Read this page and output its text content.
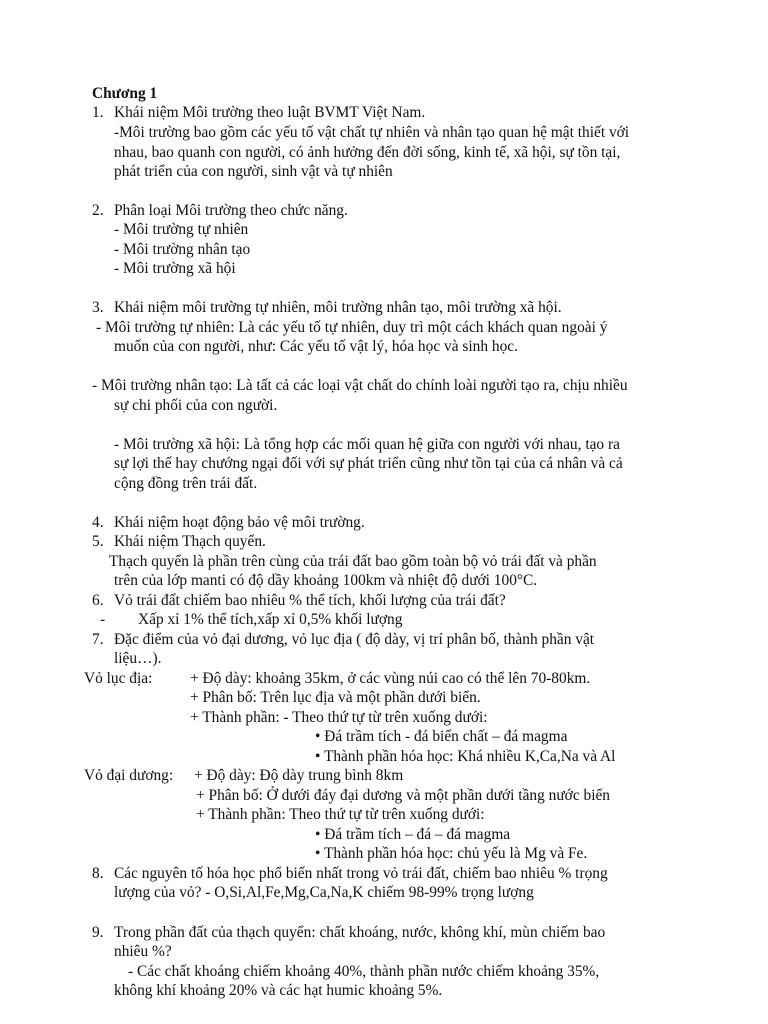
Chương 1
1. Khái niệm Môi trường theo luật BVMT Việt Nam.
-Môi trường bao gồm các yếu tố vật chất tự nhiên và nhân tạo quan hệ mật thiết với
nhau, bao quanh con người, có ảnh hưởng đến đời sống, kinh tế, xã hội, sự tồn tại,
phát triển của con người, sinh vật và tự nhiên
2. Phân loại Môi trường theo chức năng.
- Môi trường tự nhiên
- Môi trường nhân tạo
- Môi trường xã hội
3. Khái niệm môi trường tự nhiên, môi trường nhân tạo, môi trường xã hội.
- Môi trường tự nhiên: Là các yếu tố tự nhiên, duy trì một cách khách quan ngoài ý
muốn của con người, như: Các yếu tố vật lý, hóa học và sinh học.
- Môi trường nhân tạo: Là tất cả các loại vật chất do chính loài người tạo ra, chịu nhiều
sự chi phối của con người.
- Môi trường xã hội: Là tổng hợp các mối quan hệ giữa con người với nhau, tạo ra
sự lợi thế hay chướng ngại đối với sự phát triển cũng như tồn tại của cá nhân và cả
cộng đồng trên trái đất.
4. Khái niệm hoạt động bảo vệ môi trường.
5. Khái niệm Thạch quyển.
Thạch quyển là phần trên cùng của trái đất bao gồm toàn bộ vỏ trái đất và phần
trên của lớp manti có độ dầy khoảng 100km và nhiệt độ dưới 100°C.
6. Vỏ trái đất chiếm bao nhiêu % thể tích, khối lượng của trái đất?
- Xấp xỉ 1% thể tích,xấp xỉ 0,5% khối lượng
7. Đặc điểm của vỏ đại dương, vỏ lục địa ( độ dày, vị trí phân bố, thành phần vật
liệu…).
Vỏ lục địa: + Độ dày: khoảng 35km, ở các vùng núi cao có thể lên 70-80km.
+ Phân bố: Trên lục địa và một phần dưới biển.
+ Thành phần: - Theo thứ tự từ trên xuống dưới:
• Đá trầm tích - đá biến chất – đá magma
• Thành phần hóa học: Khá nhiều K,Ca,Na và Al
Vỏ đại dương: + Độ dày: Độ dày trung bình 8km
+ Phân bố: Ở dưới đáy đại dương và một phần dưới tầng nước biển
+ Thành phần: Theo thứ tự từ trên xuống dưới:
• Đá trầm tích – đá – đá magma
• Thành phần hóa học: chủ yếu là Mg và Fe.
8. Các nguyên tố hóa học phổ biến nhất trong vỏ trái đất, chiếm bao nhiêu % trọng
lượng của vỏ? - O,Si,Al,Fe,Mg,Ca,Na,K chiếm 98-99% trọng lượng
9. Trong phần đất của thạch quyển: chất khoáng, nước, không khí, mùn chiếm bao
nhiêu %?
- Các chất khoáng chiếm khoảng 40%, thành phần nước chiếm khoảng 35%,
không khí khoảng 20% và các hạt humic khoảng 5%.
